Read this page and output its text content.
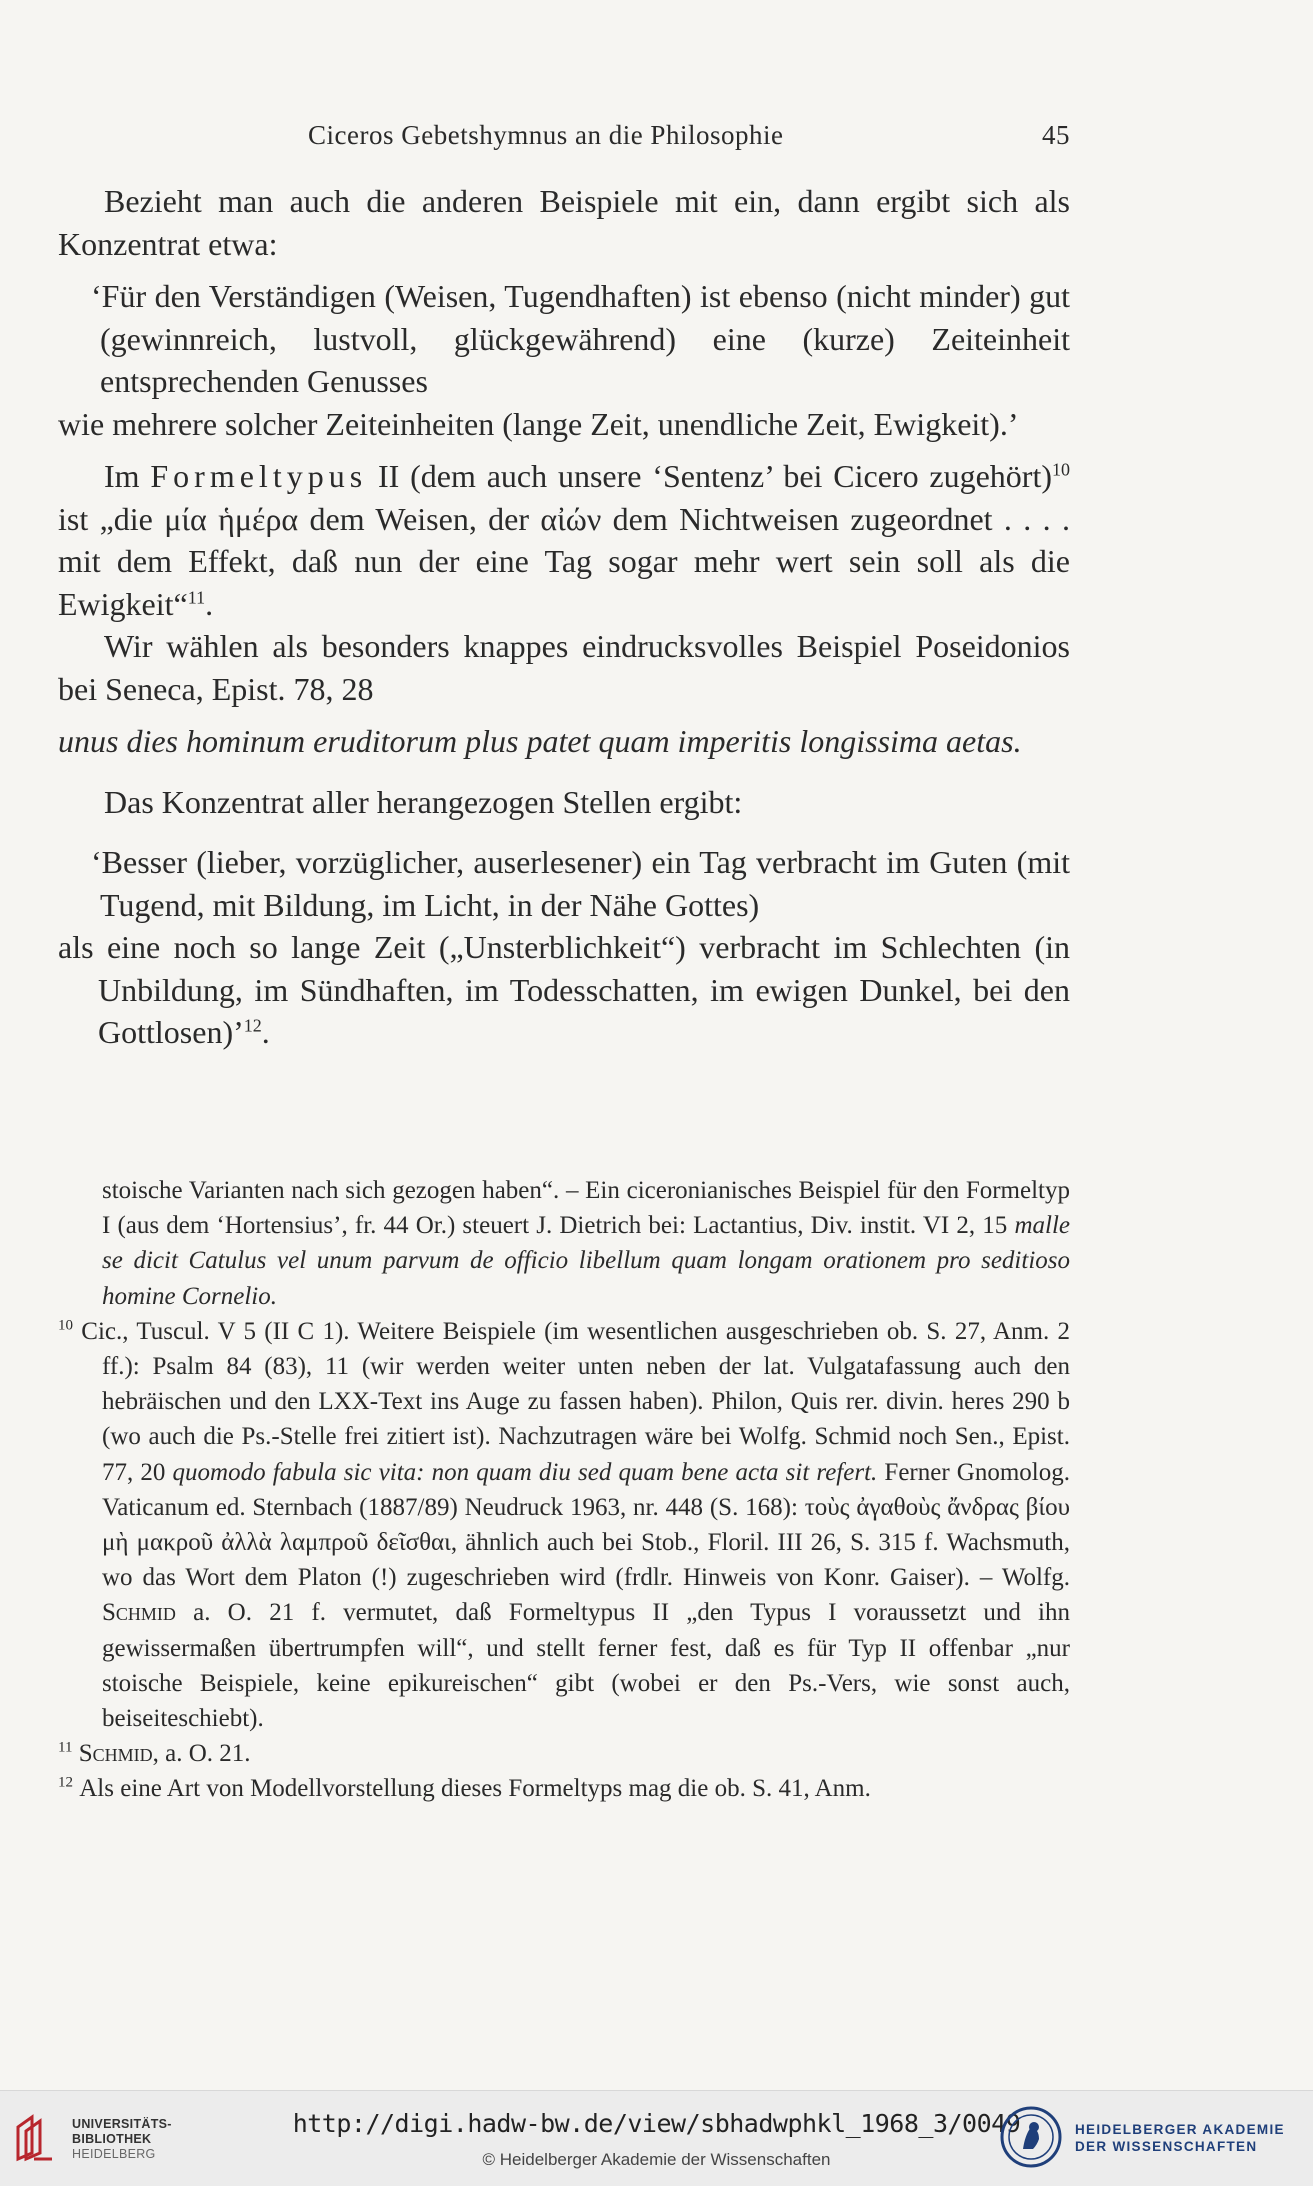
Ciceros Gebetshymnus an die Philosophie	45

Bezieht man auch die anderen Beispiele mit ein, dann ergibt sich als Konzentrat etwa:

‘Für den Verständigen (Weisen, Tugendhaften) ist ebenso (nicht minder) gut (gewinnreich, lustvoll, glückgewährend) eine (kurze) Zeiteinheit entsprechenden Genusses

wie mehrere solcher Zeiteinheiten (lange Zeit, unendliche Zeit, Ewigkeit).’

Im Formeltypus II (dem auch unsere ‘Sentenz’ bei Cicero zugehört)$^{10}$ ist „die μία ἡμέρα dem Weisen, der αἰών dem Nichtweisen zugeordnet . . . . mit dem Effekt, daß nun der eine Tag sogar mehr wert sein soll als die Ewigkeit“$^{11}$.

Wir wählen als besonders knappes eindrucksvolles Beispiel Poseidonios bei Seneca, Epist. 78, 28

unus dies hominum eruditorum plus patet quam imperitis longissima aetas.

Das Konzentrat aller herangezogen Stellen ergibt:

‘Besser (lieber, vorzüglicher, auserlesener) ein Tag verbracht im Guten (mit Tugend, mit Bildung, im Licht, in der Nähe Gottes)

als eine noch so lange Zeit („Unsterblichkeit“) verbracht im Schlechten (in Unbildung, im Sündhaften, im Todesschatten, im ewigen Dunkel, bei den Gottlosen)’$^{12}$.

stoische Varianten nach sich gezogen haben“. – Ein ciceronianisches Beispiel für den Formeltyp I (aus dem ‘Hortensius’, fr. 44 Or.) steuert J. Dietrich bei: Lactantius, Div. instit. VI 2, 15 malle se dicit Catulus vel unum parvum de officio libellum quam longam orationem pro seditioso homine Cornelio.

$^{10}$ Cic., Tuscul. V 5 (II C 1). Weitere Beispiele (im wesentlichen ausgeschrieben ob. S. 27, Anm. 2 ff.): Psalm 84 (83), 11 (wir werden weiter unten neben der lat. Vulgatafassung auch den hebräischen und den LXX-Text ins Auge zu fassen haben). Philon, Quis rer. divin. heres 290 b (wo auch die Ps.-Stelle frei zitiert ist). Nachzutragen wäre bei Wolfg. Schmid noch Sen., Epist. 77, 20 quomodo fabula sic vita: non quam diu sed quam bene acta sit refert. Ferner Gnomolog. Vaticanum ed. Sternbach (1887/89) Neudruck 1963, nr. 448 (S. 168): τοὺς ἀγαθοὺς ἄνδρας βίου μὴ μακροῦ ἀλλὰ λαμπροῦ δεῖσθαι, ähnlich auch bei Stob., Floril. III 26, S. 315 f. Wachsmuth, wo das Wort dem Platon (!) zugeschrieben wird (frdlr. Hinweis von Konr. Gaiser). – Wolfg. Schmid a. O. 21 f. vermutet, daß Formeltypus II „den Typus I voraussetzt und ihn gewissermaßen übertrumpfen will“, und stellt ferner fest, daß es für Typ II offenbar „nur stoische Beispiele, keine epikureischen“ gibt (wobei er den Ps.-Vers, wie sonst auch, beiseiteschiebt).

$^{11}$ Schmid, a. O. 21.

$^{12}$ Als eine Art von Modellvorstellung dieses Formeltyps mag die ob. S. 41, Anm.

UNIVERSITÄTS-
BIBLIOTHEK
HEIDELBERG
http://digi.hadw-bw.de/view/sbhadwphkl_1968_3/0049
© Heidelberger Akademie der Wissenschaften
HEIDELBERGER AKADEMIE
DER WISSENSCHAFTEN
